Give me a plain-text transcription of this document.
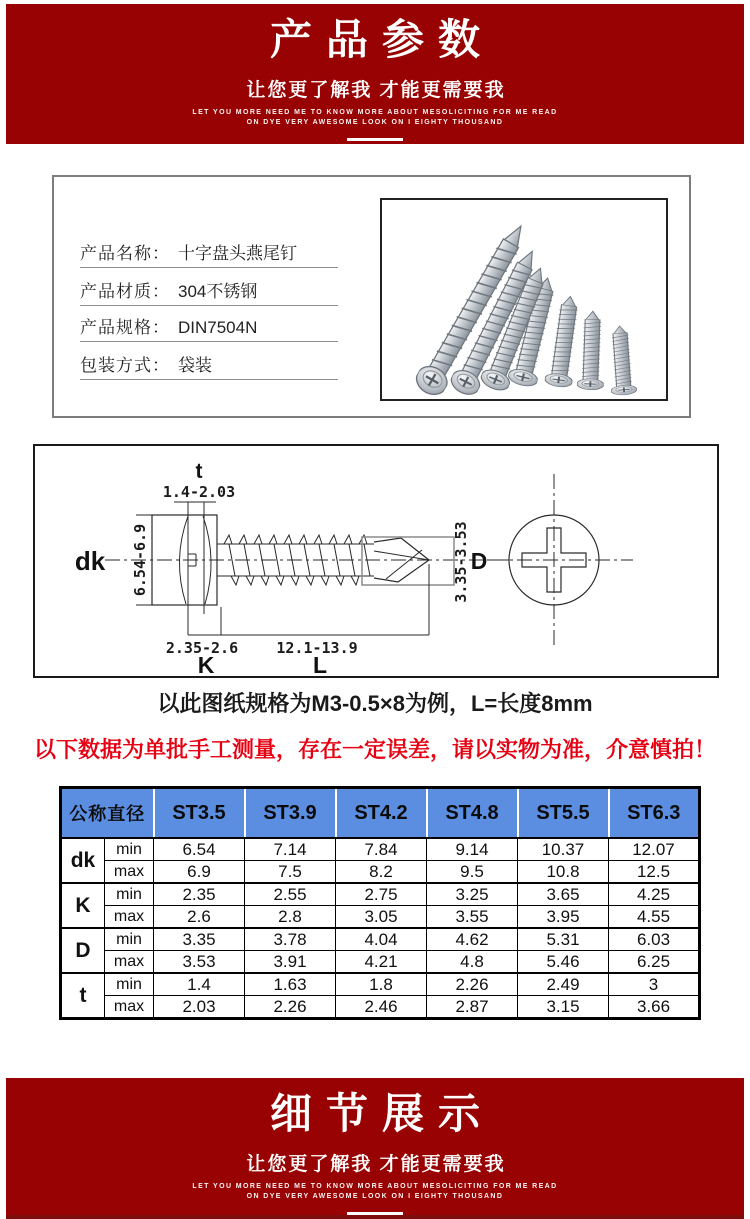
产品参数
让您更了解我 才能更需要我
LET YOU MORE NEED ME TO KNOW MORE ABOUT MESOLICITING FOR ME READ
ON DYE VERY AWESOME LOOK ON I EIGHTY THOUSAND
产品名称： 十字盘头燕尾钉
产品材质： 304不锈钢
产品规格： DIN7504N
包装方式： 袋装
t
1.4-2.03
dk 6.54-6.9
2.35-2.6
K
12.1-13.9
L
3.35-3.53 D
以此图纸规格为M3-0.5×8为例，L=长度8mm
以下数据为单批手工测量，存在一定误差，请以实物为准，介意慎拍！
公称直径		ST3.5	ST3.9	ST4.2	ST4.8	ST5.5	ST6.3
dk	min	6.54	7.14	7.84	9.14	10.37	12.07
	max	6.9	7.5	8.2	9.5	10.8	12.5
K	min	2.35	2.55	2.75	3.25	3.65	4.25
	max	2.6	2.8	3.05	3.55	3.95	4.55
D	min	3.35	3.78	4.04	4.62	5.31	6.03
	max	3.53	3.91	4.21	4.8	5.46	6.25
t	min	1.4	1.63	1.8	2.26	2.49	3
	max	2.03	2.26	2.46	2.87	3.15	3.66
细节展示
让您更了解我 才能更需要我
LET YOU MORE NEED ME TO KNOW MORE ABOUT MESOLICITING FOR ME READ
ON DYE VERY AWESOME LOOK ON I EIGHTY THOUSAND
